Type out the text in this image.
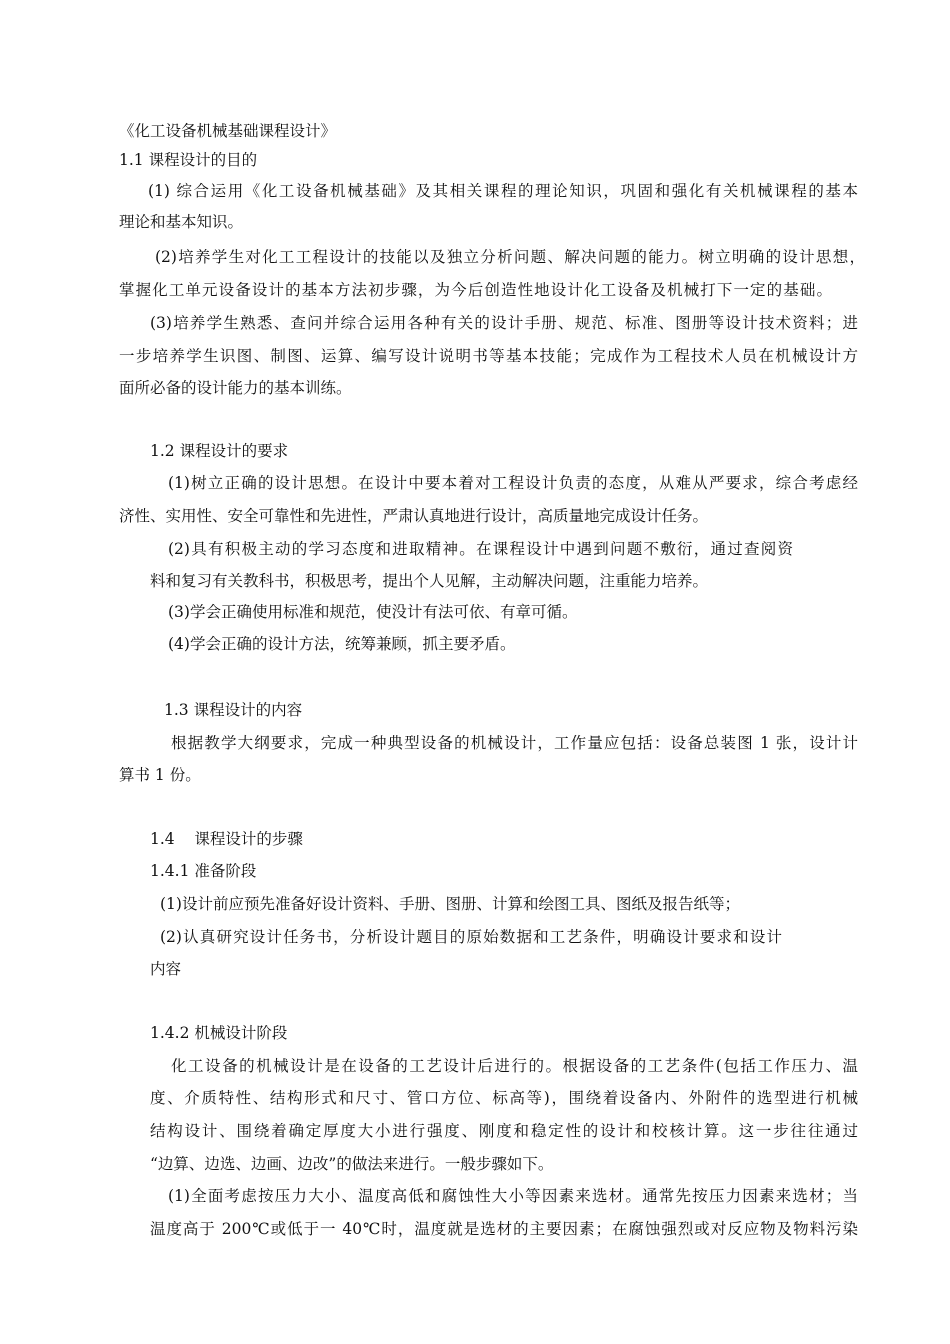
《化工设备机械基础课程设计》
1.1 课程设计的目的
(1) 综合运用《化工设备机械基础》及其相关课程的理论知识，巩固和强化有关机械课程的基本
理论和基本知识。
(2)培养学生对化工工程设计的技能以及独立分析问题、解决问题的能力。树立明确的设计思想，
掌握化工单元设备设计的基本方法初步骤，为今后创造性地设计化工设备及机械打下一定的基础。
(3)培养学生熟悉、查问并综合运用各种有关的设计手册、规范、标准、图册等设计技术资料；进
一步培养学生识图、制图、运算、编写设计说明书等基本技能；完成作为工程技术人员在机械设计方
面所必备的设计能力的基本训练。
1.2 课程设计的要求
(1)树立正确的设计思想。在设计中要本着对工程设计负责的态度，从难从严要求，综合考虑经
济性、实用性、安全可靠性和先进性，严肃认真地进行设计，高质量地完成设计任务。
(2)具有积极主动的学习态度和进取精神。在课程设计中遇到问题不敷衍，通过查阅资
料和复习有关教科书，积极思考，提出个人见解，主动解决问题，注重能力培养。
(3)学会正确使用标准和规范，使没计有法可依、有章可循。
(4)学会正确的设计方法，统筹兼顾，抓主要矛盾。
1.3 课程设计的内容
根据教学大纲要求，完成一种典型设备的机械设计，工作量应包括：设备总装图 1 张，设计计
算书 1 份。
1.4    课程设计的步骤
1.4.1 准备阶段
(1)设计前应预先准备好设计资料、手册、图册、计算和绘图工具、图纸及报告纸等；
(2)认真研究设计任务书，分析设计题目的原始数据和工艺条件，明确设计要求和设计
内容
1.4.2 机械设计阶段
化工设备的机械设计是在设备的工艺设计后进行的。根据设备的工艺条件(包括工作压力、温
度、介质特性、结构形式和尺寸、管口方位、标高等)，围绕着设备内、外附件的选型进行机械
结构设计、围绕着确定厚度大小进行强度、刚度和稳定性的设计和校核计算。这一步往往通过
“边算、边选、边画、边改”的做法来进行。一般步骤如下。
(1)全面考虑按压力大小、温度高低和腐蚀性大小等因素来选材。通常先按压力因素来选材；当
温度高于 200℃或低于一 40℃时，温度就是选材的主要因素；在腐蚀强烈或对反应物及物料污染
